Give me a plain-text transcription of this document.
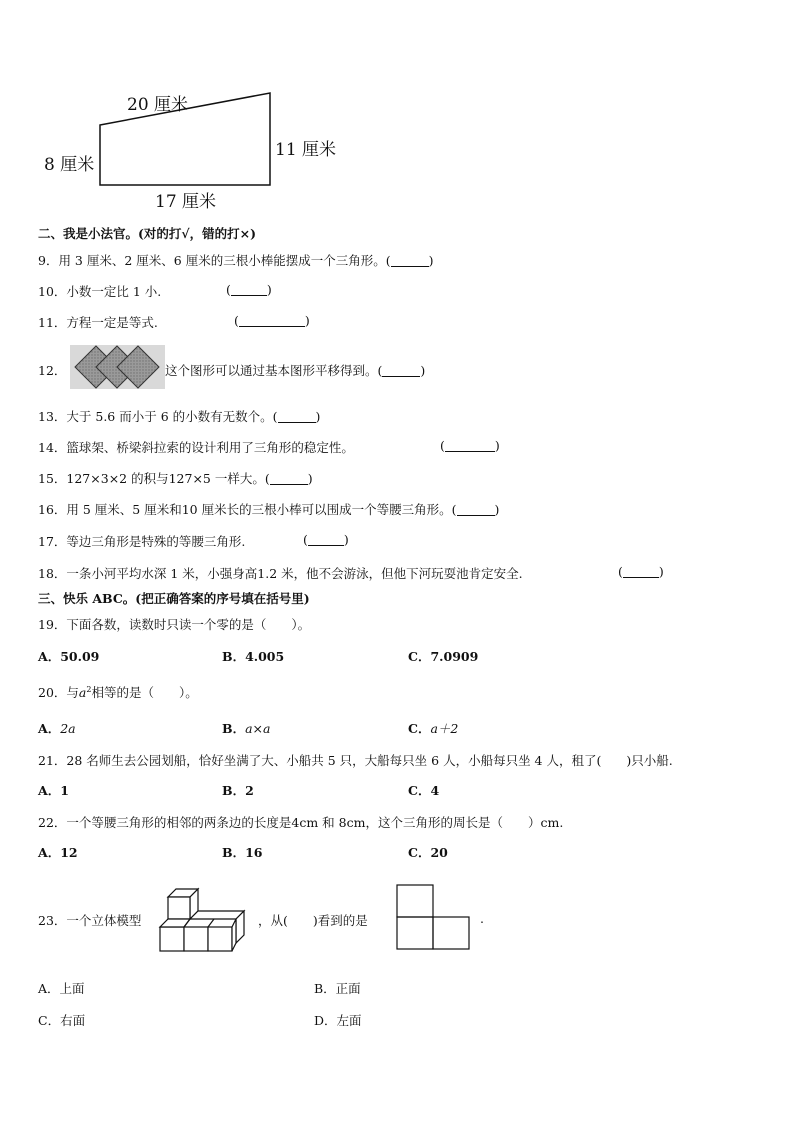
20 厘米
8 厘米
11 厘米
17 厘米
二、我是小法官。(对的打√，错的打×)
9．用 3 厘米、2 厘米、6 厘米的三根小棒能摆成一个三角形。(	)
10．小数一定比 1 小.	(	)
11．方程一定是等式.	(	)
12．	这个图形可以通过基本图形平移得到。(	)
13．大于 5.6 而小于 6 的小数有无数个。(	)
14．篮球架、桥梁斜拉索的设计利用了三角形的稳定性。	(	)
15．127×3×2 的积与127×5 一样大。(	)
16．用 5 厘米、5 厘米和10 厘米长的三根小棒可以围成一个等腰三角形。(	)
17．等边三角形是特殊的等腰三角形.	(	)
18．一条小河平均水深 1 米，小强身高1.2 米，他不会游泳，但他下河玩耍池肯定安全.	(	)
三、快乐 ABC。(把正确答案的序号填在括号里)
19．下面各数，读数时只读一个零的是（　　）。
A．50.09	B．4.005	C．7.0909
20．与$a^2$相等的是（　　）。
A．2a	B．a×a	C．a＋2
21．28 名师生去公园划船，恰好坐满了大、小船共 5 只，大船每只坐 6 人，小船每只坐 4 人，租了(　　)只小船.
A．1	B．2	C．4
22．一个等腰三角形的相邻的两条边的长度是4cm 和 8cm，这个三角形的周长是（　　）cm.
A．12	B．16	C．20
23．一个立体模型	，从(　　)看到的是	.
A．上面	B．正面
C．右面	D．左面
